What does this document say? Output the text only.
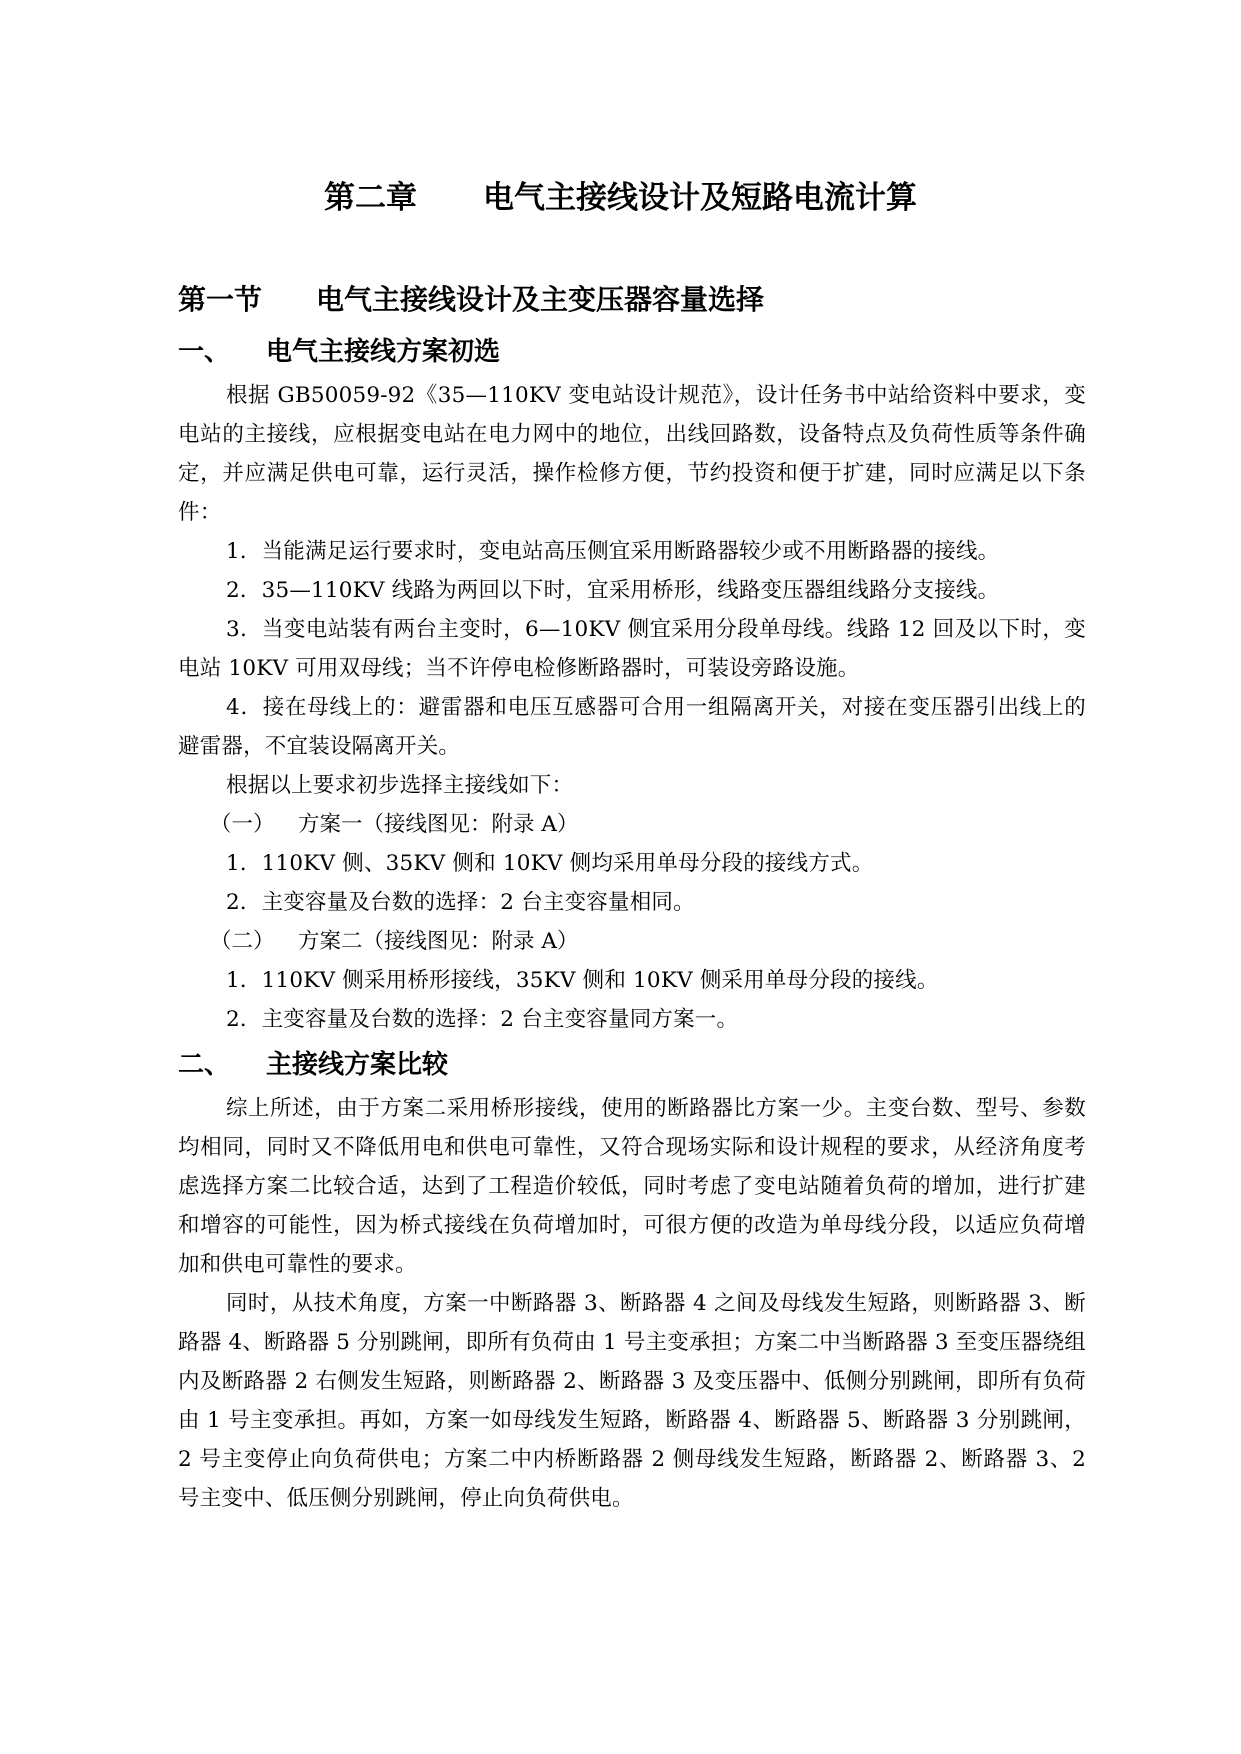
第二章 电气主接线设计及短路电流计算
第一节 电气主接线设计及主变压器容量选择
一、 电气主接线方案初选

根据 GB50059-92《35—110KV 变电站设计规范》，设计任务书中站给资料中要求，变电站的主接线，应根据变电站在电力网中的地位，出线回路数，设备特点及负荷性质等条件确定，并应满足供电可靠，运行灵活，操作检修方便，节约投资和便于扩建，同时应满足以下条件：

1．当能满足运行要求时，变电站高压侧宜采用断路器较少或不用断路器的接线。

2．35—110KV 线路为两回以下时，宜采用桥形，线路变压器组线路分支接线。

3．当变电站装有两台主变时，6—10KV 侧宜采用分段单母线。线路 12 回及以下时，变电站 10KV 可用双母线；当不许停电检修断路器时，可装设旁路设施。

4．接在母线上的：避雷器和电压互感器可合用一组隔离开关，对接在变压器引出线上的避雷器，不宜装设隔离开关。

根据以上要求初步选择主接线如下：

（一） 方案一（接线图见：附录 A）

1．110KV 侧、35KV 侧和 10KV 侧均采用单母分段的接线方式。

2．主变容量及台数的选择：2 台主变容量相同。

（二） 方案二（接线图见：附录 A）

1．110KV 侧采用桥形接线，35KV 侧和 10KV 侧采用单母分段的接线。

2．主变容量及台数的选择：2 台主变容量同方案一。

二、 主接线方案比较

综上所述，由于方案二采用桥形接线，使用的断路器比方案一少。主变台数、型号、参数均相同，同时又不降低用电和供电可靠性，又符合现场实际和设计规程的要求，从经济角度考虑选择方案二比较合适，达到了工程造价较低，同时考虑了变电站随着负荷的增加，进行扩建和增容的可能性，因为桥式接线在负荷增加时，可很方便的改造为单母线分段，以适应负荷增加和供电可靠性的要求。

同时，从技术角度，方案一中断路器 3、断路器 4 之间及母线发生短路，则断路器 3、断路器 4、断路器 5 分别跳闸，即所有负荷由 1 号主变承担；方案二中当断路器 3 至变压器绕组内及断路器 2 右侧发生短路，则断路器 2、断路器 3 及变压器中、低侧分别跳闸，即所有负荷由 1 号主变承担。再如，方案一如母线发生短路，断路器 4、断路器 5、断路器 3 分别跳闸，2 号主变停止向负荷供电；方案二中内桥断路器 2 侧母线发生短路，断路器 2、断路器 3、2 号主变中、低压侧分别跳闸，停止向负荷供电。
